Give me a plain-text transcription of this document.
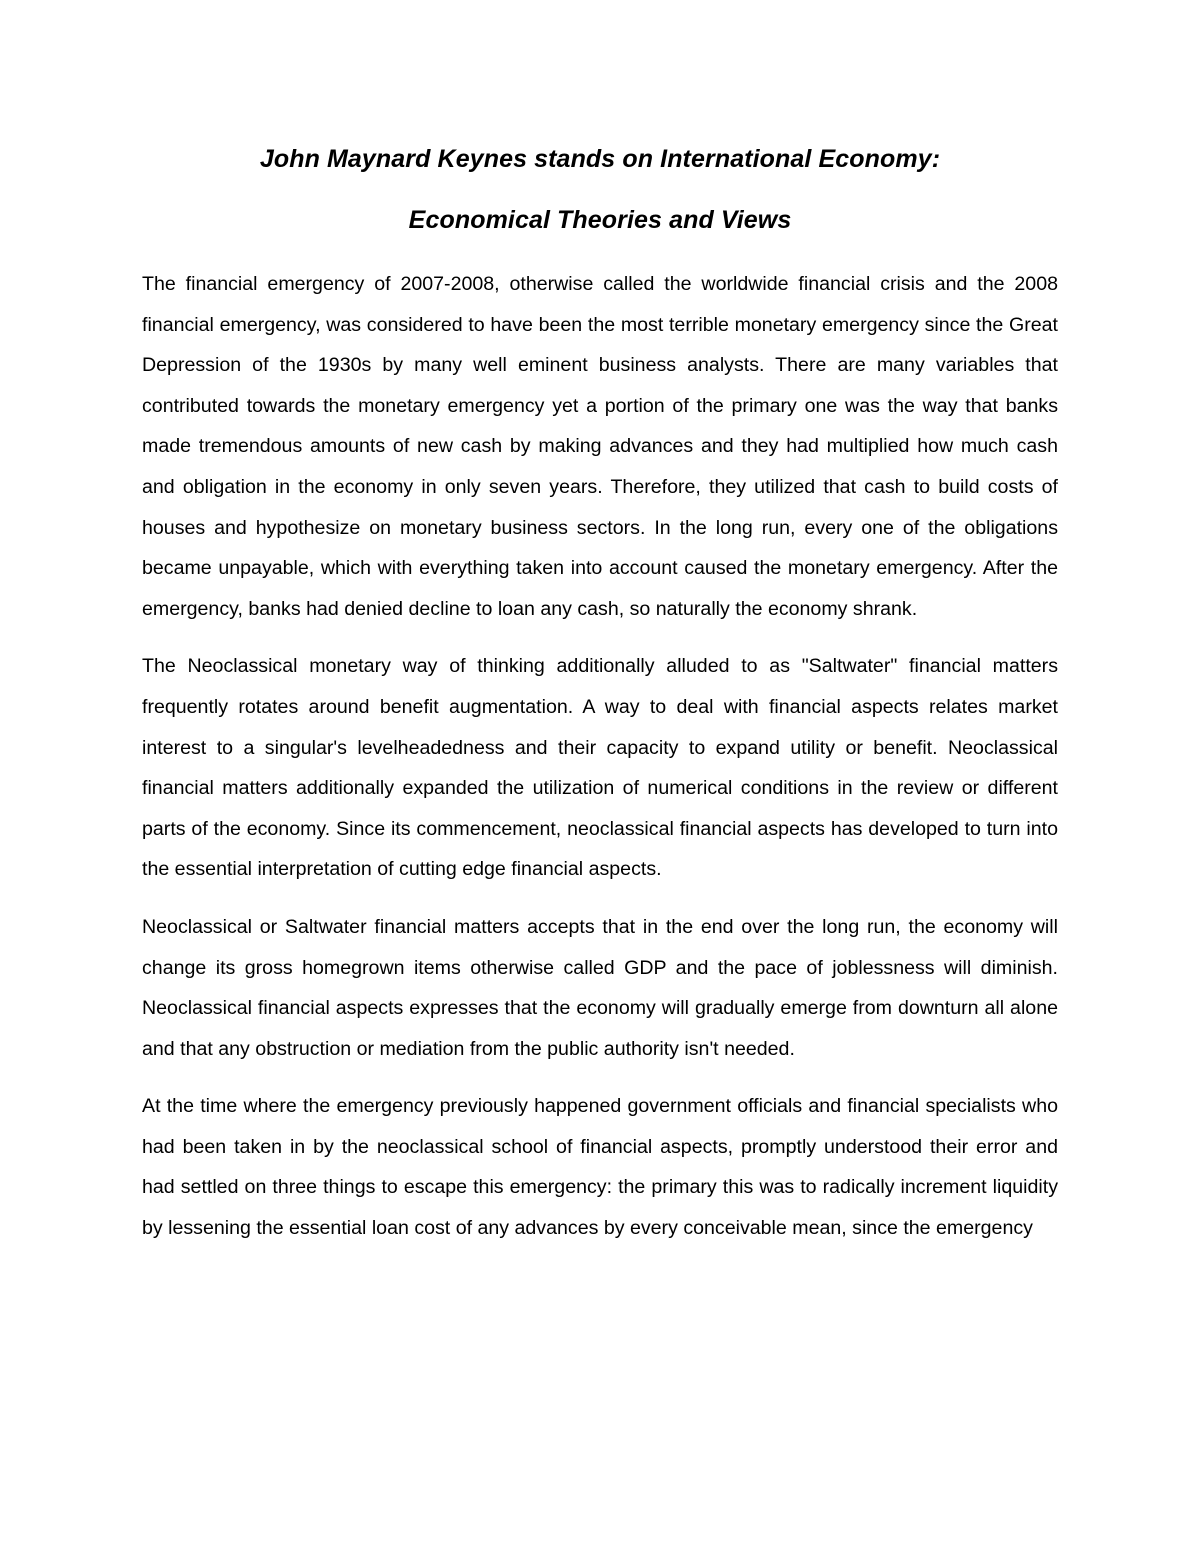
John Maynard Keynes stands on International Economy:
Economical Theories and Views

The financial emergency of 2007-2008, otherwise called the worldwide financial crisis and the 2008 financial emergency, was considered to have been the most terrible monetary emergency since the Great Depression of the 1930s by many well eminent business analysts. There are many variables that contributed towards the monetary emergency yet a portion of the primary one was the way that banks made tremendous amounts of new cash by making advances and they had multiplied how much cash and obligation in the economy in only seven years. Therefore, they utilized that cash to build costs of houses and hypothesize on monetary business sectors. In the long run, every one of the obligations became unpayable, which with everything taken into account caused the monetary emergency. After the emergency, banks had denied decline to loan any cash, so naturally the economy shrank.

The Neoclassical monetary way of thinking additionally alluded to as "Saltwater" financial matters frequently rotates around benefit augmentation. A way to deal with financial aspects relates market interest to a singular's levelheadedness and their capacity to expand utility or benefit. Neoclassical financial matters additionally expanded the utilization of numerical conditions in the review or different parts of the economy. Since its commencement, neoclassical financial aspects has developed to turn into the essential interpretation of cutting edge financial aspects.

Neoclassical or Saltwater financial matters accepts that in the end over the long run, the economy will change its gross homegrown items otherwise called GDP and the pace of joblessness will diminish. Neoclassical financial aspects expresses that the economy will gradually emerge from downturn all alone and that any obstruction or mediation from the public authority isn't needed.

At the time where the emergency previously happened government officials and financial specialists who had been taken in by the neoclassical school of financial aspects, promptly understood their error and had settled on three things to escape this emergency: the primary this was to radically increment liquidity by lessening the essential loan cost of any advances by every conceivable mean, since the emergency
